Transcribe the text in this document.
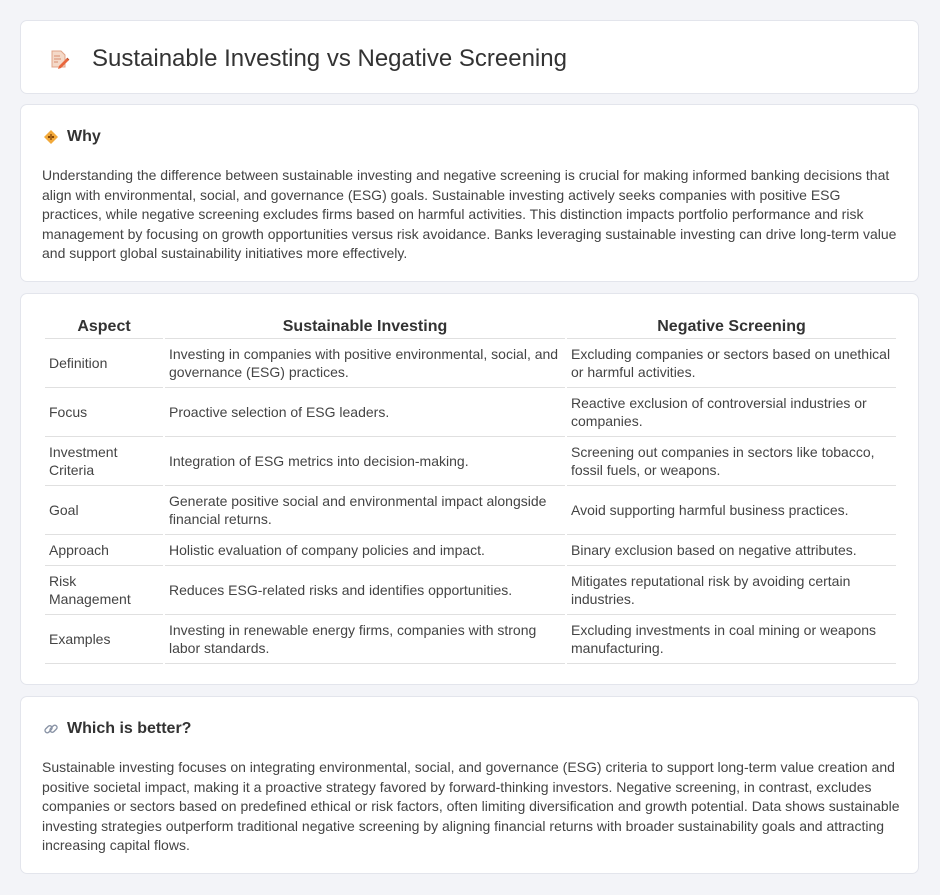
Sustainable Investing vs Negative Screening
Why

Understanding the difference between sustainable investing and negative screening is crucial for making informed banking decisions that align with environmental, social, and governance (ESG) goals. Sustainable investing actively seeks companies with positive ESG practices, while negative screening excludes firms based on harmful activities. This distinction impacts portfolio performance and risk management by focusing on growth opportunities versus risk avoidance. Banks leveraging sustainable investing can drive long-term value and support global sustainability initiatives more effectively.

Aspect	Sustainable Investing	Negative Screening
Definition	Investing in companies with positive environmental, social, and governance (ESG) practices.	Excluding companies or sectors based on unethical or harmful activities.
Focus	Proactive selection of ESG leaders.	Reactive exclusion of controversial industries or companies.
Investment Criteria	Integration of ESG metrics into decision-making.	Screening out companies in sectors like tobacco, fossil fuels, or weapons.
Goal	Generate positive social and environmental impact alongside financial returns.	Avoid supporting harmful business practices.
Approach	Holistic evaluation of company policies and impact.	Binary exclusion based on negative attributes.
Risk Management	Reduces ESG-related risks and identifies opportunities.	Mitigates reputational risk by avoiding certain industries.
Examples	Investing in renewable energy firms, companies with strong labor standards.	Excluding investments in coal mining or weapons manufacturing.
Which is better?

Sustainable investing focuses on integrating environmental, social, and governance (ESG) criteria to support long-term value creation and positive societal impact, making it a proactive strategy favored by forward-thinking investors. Negative screening, in contrast, excludes companies or sectors based on predefined ethical or risk factors, often limiting diversification and growth potential. Data shows sustainable investing strategies outperform traditional negative screening by aligning financial returns with broader sustainability goals and attracting increasing capital flows.
